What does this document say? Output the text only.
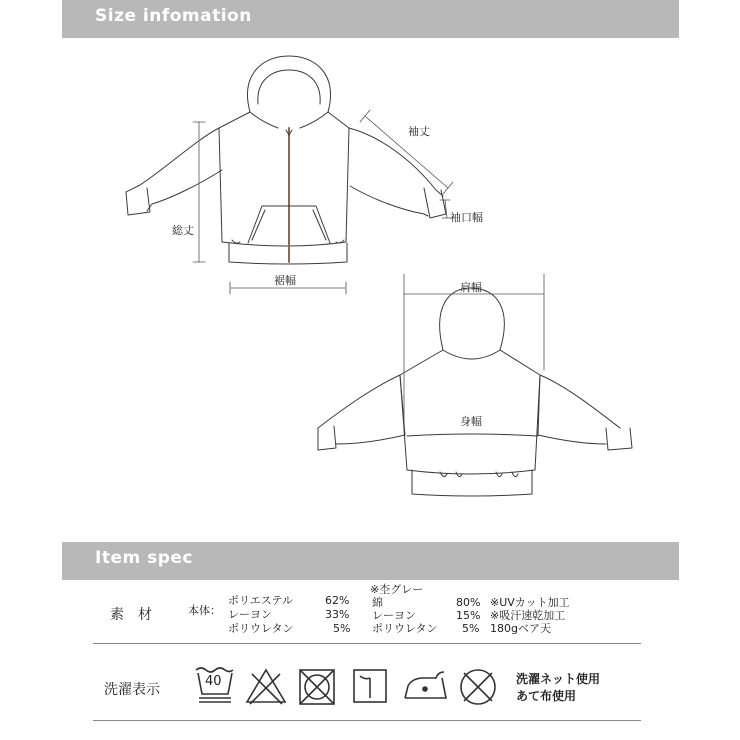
Size infomation
Item spec
袖丈
袖口幅
総丈
裾幅
肩幅
身幅
素　材	本体：
ポリエステル	62%
レーヨン	33%
ポリウレタン	5%
※杢グレー
綿	80%
レーヨン	15%
ポリウレタン 5%
※UVカット加工
※吸汗速乾加工
180gベア天
洗濯表示
40	洗濯ネット使用
あて布使用
